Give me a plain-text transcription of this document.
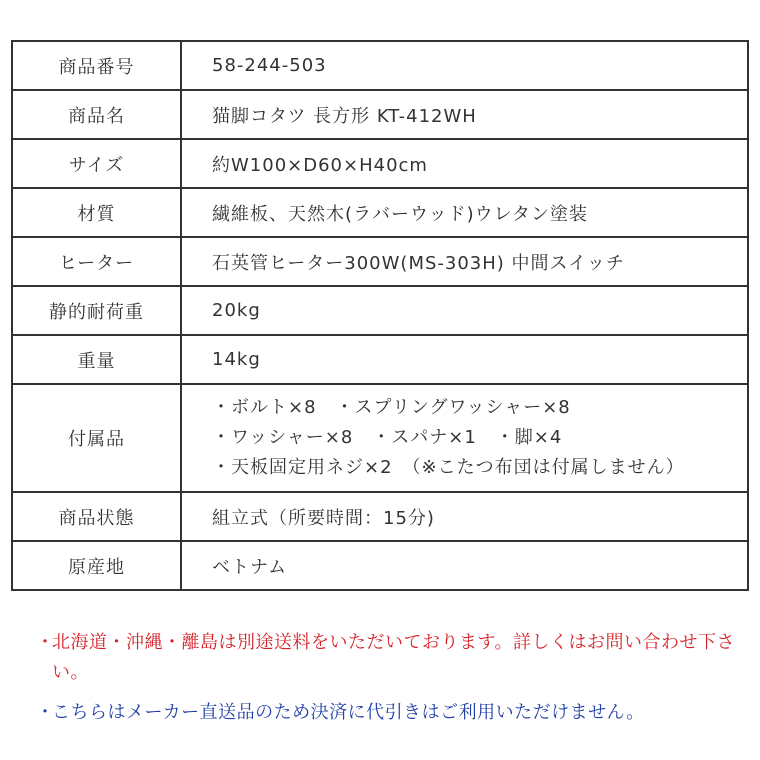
商品番号	58-244-503
商品名	猫脚コタツ 長方形 KT-412WH
サイズ	約W100×D60×H40cm
材質	繊維板、天然木(ラバーウッド)ウレタン塗装
ヒーター	石英管ヒーター300W(MS-303H) 中間スイッチ
静的耐荷重	20kg
重量	14kg
付属品	・ボルト×8　・スプリングワッシャー×8
・ワッシャー×8　・スパナ×1　・脚×4
・天板固定用ネジ×2　（※こたつ布団は付属しません）

商品状態	組立式（所要時間：15分)
原産地	ベトナム
・
北海道・沖縄・離島は別途送料をいただいております。詳しくはお問い合わせ下さい。
・
こちらはメーカー直送品のため決済に代引きはご利用いただけません。
